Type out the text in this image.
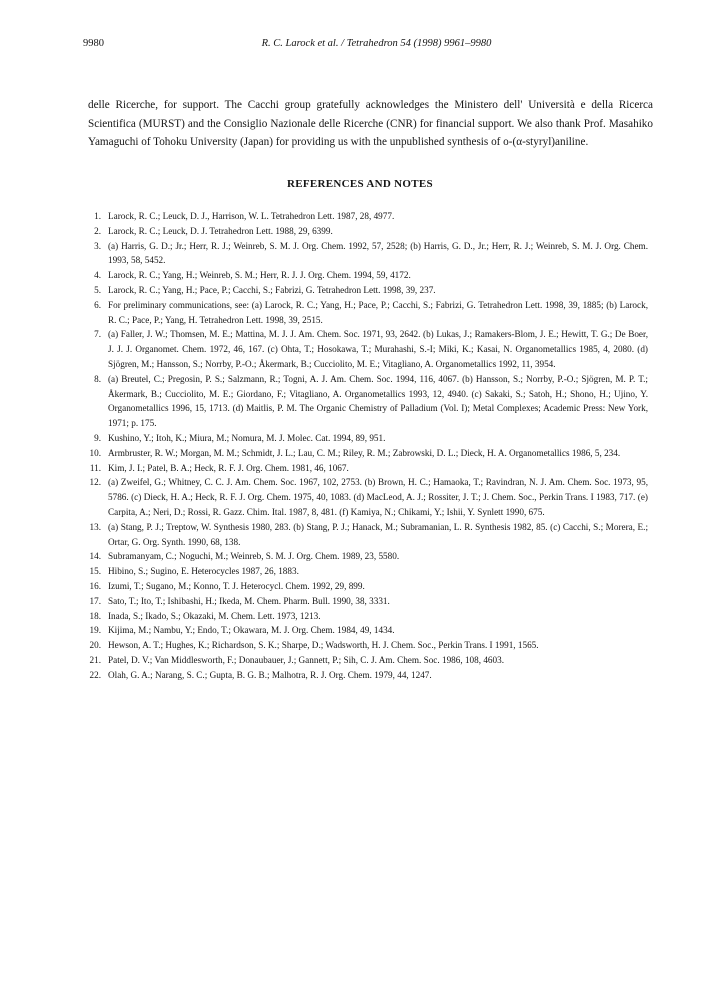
9980	R. C. Larock et al. / Tetrahedron 54 (1998) 9961–9980

delle Ricerche, for support. The Cacchi group gratefully acknowledges the Ministero dell' Università e della Ricerca Scientifica (MURST) and the Consiglio Nazionale delle Ricerche (CNR) for financial support. We also thank Prof. Masahiko Yamaguchi of Tohoku University (Japan) for providing us with the unpublished synthesis of o-(α-styryl)aniline.

REFERENCES AND NOTES
1. Larock, R. C.; Leuck, D. J., Harrison, W. L. Tetrahedron Lett. 1987, 28, 4977.
2. Larock, R. C.; Leuck, D. J. Tetrahedron Lett. 1988, 29, 6399.
3. (a) Harris, G. D.; Jr.; Herr, R. J.; Weinreb, S. M. J. Org. Chem. 1992, 57, 2528; (b) Harris, G. D., Jr.; Herr, R. J.; Weinreb, S. M. J. Org. Chem. 1993, 58, 5452.
4. Larock, R. C.; Yang, H.; Weinreb, S. M.; Herr, R. J. J. Org. Chem. 1994, 59, 4172.
5. Larock, R. C.; Yang, H.; Pace, P.; Cacchi, S.; Fabrizi, G. Tetrahedron Lett. 1998, 39, 237.
6. For preliminary communications, see: (a) Larock, R. C.; Yang, H.; Pace, P.; Cacchi, S.; Fabrizi, G. Tetrahedron Lett. 1998, 39, 1885; (b) Larock, R. C.; Pace, P.; Yang, H. Tetrahedron Lett. 1998, 39, 2515.
7. (a) Faller, J. W.; Thomsen, M. E.; Mattina, M. J. J. Am. Chem. Soc. 1971, 93, 2642. (b) Lukas, J.; Ramakers-Blom, J. E.; Hewitt, T. G.; De Boer, J. J. J. Organomet. Chem. 1972, 46, 167. (c) Ohta, T.; Hosokawa, T.; Murahashi, S.-I; Miki, K.; Kasai, N. Organometallics 1985, 4, 2080. (d) Sjögren, M.; Hansson, S.; Norrby, P.-O.; Åkermark, B.; Cucciolito, M. E.; Vitagliano, A. Organometallics 1992, 11, 3954.
8. (a) Breutel, C.; Pregosin, P. S.; Salzmann, R.; Togni, A. J. Am. Chem. Soc. 1994, 116, 4067. (b) Hansson, S.; Norrby, P.-O.; Sjögren, M. P. T.; Åkermark, B.; Cucciolito, M. E.; Giordano, F.; Vitagliano, A. Organometallics 1993, 12, 4940. (c) Sakaki, S.; Satoh, H.; Shono, H.; Ujino, Y. Organometallics 1996, 15, 1713. (d) Maitlis, P. M. The Organic Chemistry of Palladium (Vol. I); Metal Complexes; Academic Press: New York, 1971; p. 175.
9. Kushino, Y.; Itoh, K.; Miura, M.; Nomura, M. J. Molec. Cat. 1994, 89, 951.
10. Armbruster, R. W.; Morgan, M. M.; Schmidt, J. L.; Lau, C. M.; Riley, R. M.; Zabrowski, D. L.; Dieck, H. A. Organometallics 1986, 5, 234.
11. Kim, J. I.; Patel, B. A.; Heck, R. F. J. Org. Chem. 1981, 46, 1067.
12. (a) Zweifel, G.; Whitney, C. C. J. Am. Chem. Soc. 1967, 102, 2753. (b) Brown, H. C.; Hamaoka, T.; Ravindran, N. J. Am. Chem. Soc. 1973, 95, 5786. (c) Dieck, H. A.; Heck, R. F. J. Org. Chem. 1975, 40, 1083. (d) MacLeod, A. J.; Rossiter, J. T.; J. Chem. Soc., Perkin Trans. I 1983, 717. (e) Carpita, A.; Neri, D.; Rossi, R. Gazz. Chim. Ital. 1987, 8, 481. (f) Kamiya, N.; Chikami, Y.; Ishii, Y. Synlett 1990, 675.
13. (a) Stang, P. J.; Treptow, W. Synthesis 1980, 283. (b) Stang, P. J.; Hanack, M.; Subramanian, L. R. Synthesis 1982, 85. (c) Cacchi, S.; Morera, E.; Ortar, G. Org. Synth. 1990, 68, 138.
14. Subramanyam, C.; Noguchi, M.; Weinreb, S. M. J. Org. Chem. 1989, 23, 5580.
15. Hibino, S.; Sugino, E. Heterocycles 1987, 26, 1883.
16. Izumi, T.; Sugano, M.; Konno, T. J. Heterocycl. Chem. 1992, 29, 899.
17. Sato, T.; Ito, T.; Ishibashi, H.; Ikeda, M. Chem. Pharm. Bull. 1990, 38, 3331.
18. Inada, S.; Ikado, S.; Okazaki, M. Chem. Lett. 1973, 1213.
19. Kijima, M.; Nambu, Y.; Endo, T.; Okawara, M. J. Org. Chem. 1984, 49, 1434.
20. Hewson, A. T.; Hughes, K.; Richardson, S. K.; Sharpe, D.; Wadsworth, H. J. Chem. Soc., Perkin Trans. I 1991, 1565.
21. Patel, D. V.; Van Middlesworth, F.; Donaubauer, J.; Gannett, P.; Sih, C. J. Am. Chem. Soc. 1986, 108, 4603.
22. Olah, G. A.; Narang, S. C.; Gupta, B. G. B.; Malhotra, R. J. Org. Chem. 1979, 44, 1247.
